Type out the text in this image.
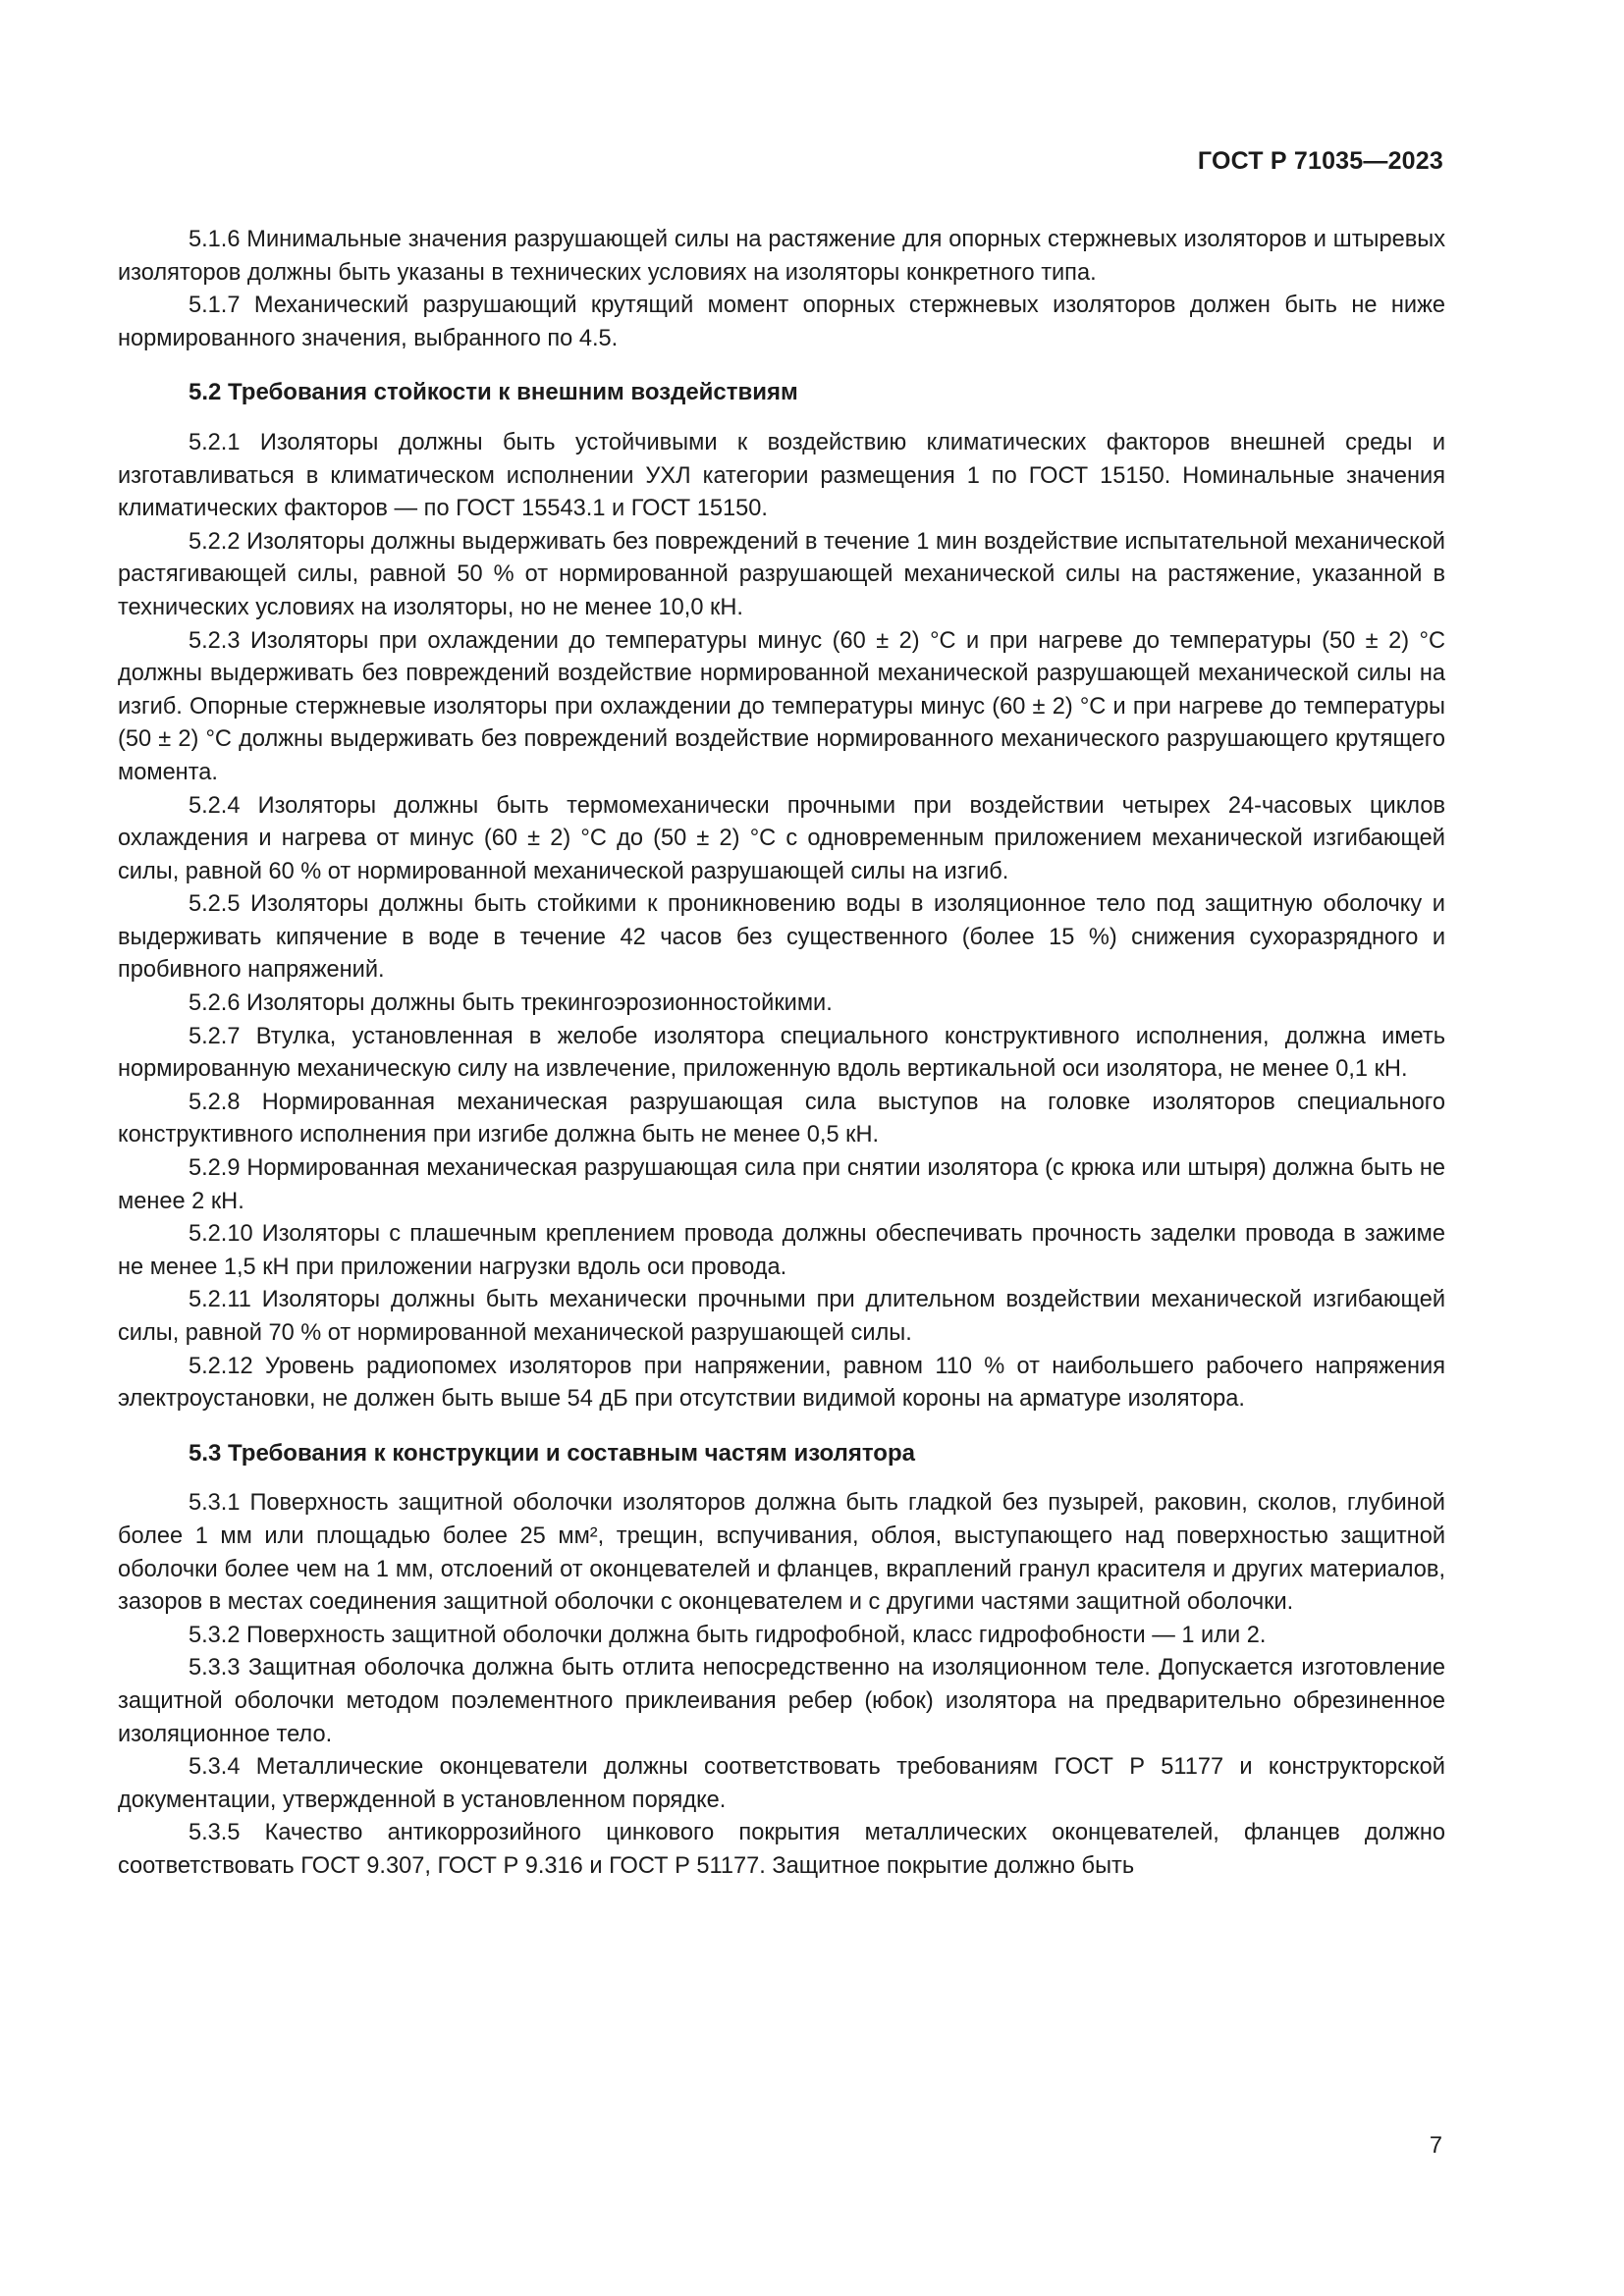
ГОСТ Р 71035—2023

5.1.6 Минимальные значения разрушающей силы на растяжение для опорных стержневых изоляторов и штыревых изоляторов должны быть указаны в технических условиях на изоляторы конкретного типа.

5.1.7 Механический разрушающий крутящий момент опорных стержневых изоляторов должен быть не ниже нормированного значения, выбранного по 4.5.

5.2 Требования стойкости к внешним воздействиям

5.2.1 Изоляторы должны быть устойчивыми к воздействию климатических факторов внешней среды и изготавливаться в климатическом исполнении УХЛ категории размещения 1 по ГОСТ 15150. Номинальные значения климатических факторов — по ГОСТ 15543.1 и ГОСТ 15150.

5.2.2 Изоляторы должны выдерживать без повреждений в течение 1 мин воздействие испытательной механической растягивающей силы, равной 50 % от нормированной разрушающей механической силы на растяжение, указанной в технических условиях на изоляторы, но не менее 10,0 кН.

5.2.3 Изоляторы при охлаждении до температуры минус (60 ± 2) °С и при нагреве до температуры (50 ± 2) °С должны выдерживать без повреждений воздействие нормированной механической разрушающей механической силы на изгиб. Опорные стержневые изоляторы при охлаждении до температуры минус (60 ± 2) °С и при нагреве до температуры (50 ± 2) °С должны выдерживать без повреждений воздействие нормированного механического разрушающего крутящего момента.

5.2.4 Изоляторы должны быть термомеханически прочными при воздействии четырех 24-часовых циклов охлаждения и нагрева от минус (60 ± 2) °С до (50 ± 2) °С с одновременным приложением механической изгибающей силы, равной 60 % от нормированной механической разрушающей силы на изгиб.

5.2.5 Изоляторы должны быть стойкими к проникновению воды в изоляционное тело под защитную оболочку и выдерживать кипячение в воде в течение 42 часов без существенного (более 15 %) снижения сухоразрядного и пробивного напряжений.

5.2.6 Изоляторы должны быть трекингоэрозионностойкими.

5.2.7 Втулка, установленная в желобе изолятора специального конструктивного исполнения, должна иметь нормированную механическую силу на извлечение, приложенную вдоль вертикальной оси изолятора, не менее 0,1 кН.

5.2.8 Нормированная механическая разрушающая сила выступов на головке изоляторов специального конструктивного исполнения при изгибе должна быть не менее 0,5 кН.

5.2.9 Нормированная механическая разрушающая сила при снятии изолятора (с крюка или штыря) должна быть не менее 2 кН.

5.2.10 Изоляторы с плашечным креплением провода должны обеспечивать прочность заделки провода в зажиме не менее 1,5 кН при приложении нагрузки вдоль оси провода.

5.2.11 Изоляторы должны быть механически прочными при длительном воздействии механической изгибающей силы, равной 70 % от нормированной механической разрушающей силы.

5.2.12 Уровень радиопомех изоляторов при напряжении, равном 110 % от наибольшего рабочего напряжения электроустановки, не должен быть выше 54 дБ при отсутствии видимой короны на арматуре изолятора.

5.3 Требования к конструкции и составным частям изолятора

5.3.1 Поверхность защитной оболочки изоляторов должна быть гладкой без пузырей, раковин, сколов, глубиной более 1 мм или площадью более 25 мм², трещин, вспучивания, облоя, выступающего над поверхностью защитной оболочки более чем на 1 мм, отслоений от оконцевателей и фланцев, вкраплений гранул красителя и других материалов, зазоров в местах соединения защитной оболочки с оконцевателем и с другими частями защитной оболочки.

5.3.2 Поверхность защитной оболочки должна быть гидрофобной, класс гидрофобности — 1 или 2.

5.3.3 Защитная оболочка должна быть отлита непосредственно на изоляционном теле. Допускается изготовление защитной оболочки методом поэлементного приклеивания ребер (юбок) изолятора на предварительно обрезиненное изоляционное тело.

5.3.4 Металлические оконцеватели должны соответствовать требованиям ГОСТ Р 51177 и конструкторской документации, утвержденной в установленном порядке.

5.3.5 Качество антикоррозийного цинкового покрытия металлических оконцевателей, фланцев должно соответствовать ГОСТ 9.307, ГОСТ Р 9.316 и ГОСТ Р 51177. Защитное покрытие должно быть

7
